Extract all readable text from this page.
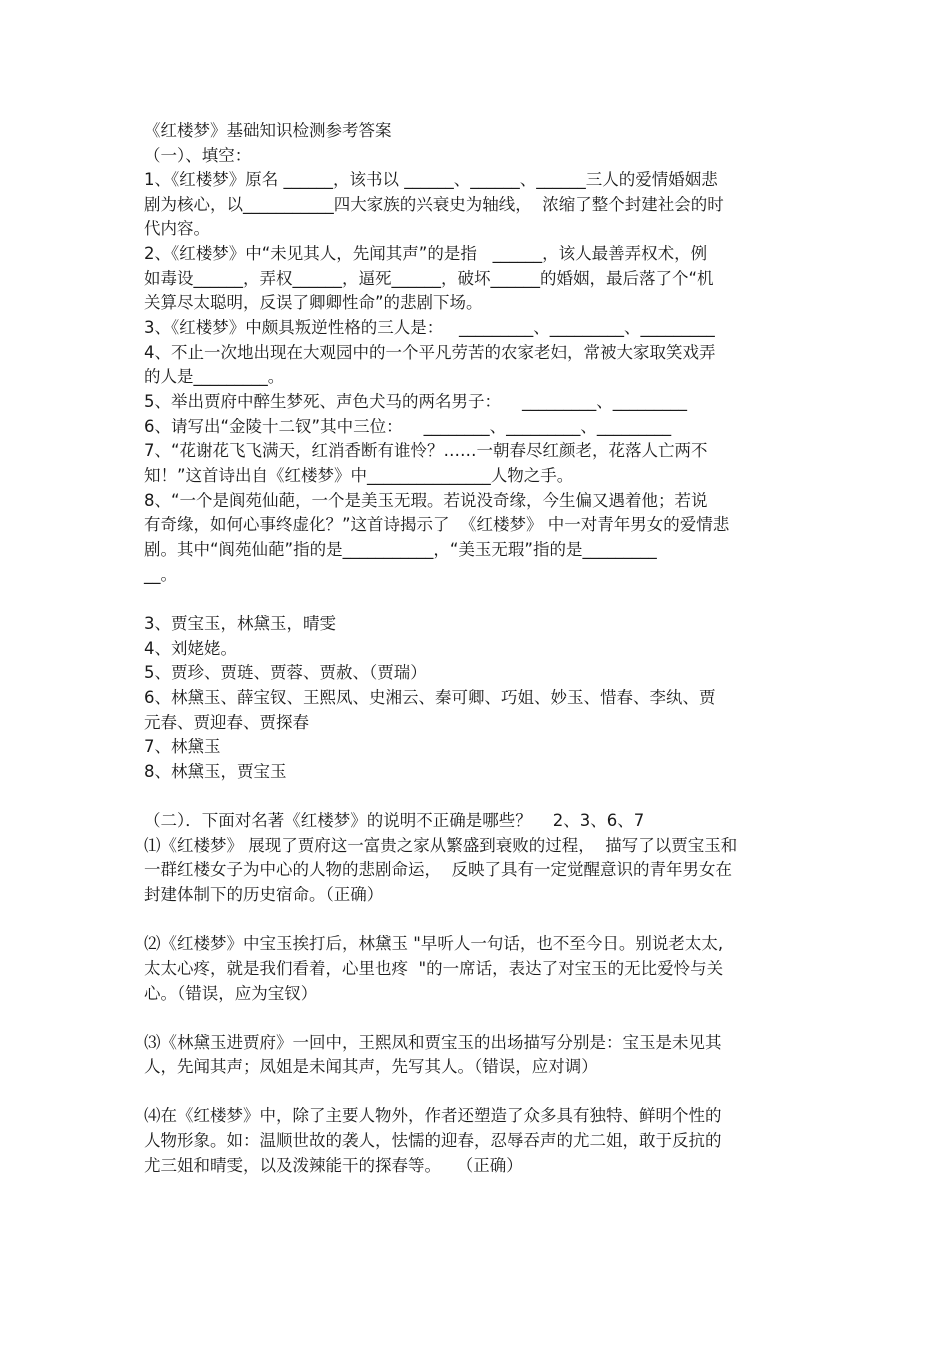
《红楼梦》基础知识检测参考答案

（一）、填空：

1、《红楼梦》原名 ______，该书以 ______、______、______三人的爱情婚姻悲

剧为核心，以___________四大家族的兴衰史为轴线，  浓缩了整个封建社会的时

代内容。

2、《红楼梦》中“未见其人，先闻其声”的是指   ______，该人最善弄权术，例

如毒设______，弄权______，逼死______，破坏______的婚姻，最后落了个“机

关算尽太聪明，反误了卿卿性命”的悲剧下场。

3、《红楼梦》中颇具叛逆性格的三人是：   _________、_________、_________

4、不止一次地出现在大观园中的一个平凡劳苦的农家老妇，常被大家取笑戏弄

的人是_________。

5、举出贾府中醉生梦死、声色犬马的两名男子：    _________、_________

6、请写出“金陵十二钗”其中三位：    ________、_________、_________

7、“花谢花飞飞满天，红消香断有谁怜？……一朝春尽红颜老，花落人亡两不

知！”这首诗出自《红楼梦》中_______________人物之手。

8、“一个是阆苑仙葩，一个是美玉无瑕。若说没奇缘，今生偏又遇着他；若说

有奇缘，如何心事终虚化？”这首诗揭示了  《红楼梦》 中一对青年男女的爱情悲

剧。其中“阆苑仙葩”指的是___________，“美玉无瑕”指的是_________

__。

3、贾宝玉，林黛玉，晴雯

4、刘姥姥。

5、贾珍、贾琏、贾蓉、贾赦、（贾瑞）

6、林黛玉、薛宝钗、王熙凤、史湘云、秦可卿、巧姐、妙玉、惜春、李纨、贾

元春、贾迎春、贾探春

7、林黛玉

8、林黛玉，贾宝玉

（二）．下面对名著《红楼梦》的说明不正确是哪些？    2、3、6、7

⑴《红楼梦》 展现了贾府这一富贵之家从繁盛到衰败的过程，  描写了以贾宝玉和

一群红楼女子为中心的人物的悲剧命运，  反映了具有一定觉醒意识的青年男女在

封建体制下的历史宿命。（正确）

⑵《红楼梦》中宝玉挨打后，林黛玉 "早听人一句话，也不至今日。别说老太太,

太太心疼，就是我们看着，心里也疼  "的一席话，表达了对宝玉的无比爱怜与关

心。（错误，应为宝钗）

⑶《林黛玉进贾府》一回中，王熙凤和贾宝玉的出场描写分别是：宝玉是未见其

人，先闻其声；凤姐是未闻其声，先写其人。（错误，应对调）

⑷在《红楼梦》中，除了主要人物外，作者还塑造了众多具有独特、鲜明个性的

人物形象。如：温顺世故的袭人，怯懦的迎春，忍辱吞声的尤二姐，敢于反抗的

尤三姐和晴雯，以及泼辣能干的探春等。   （正确）
